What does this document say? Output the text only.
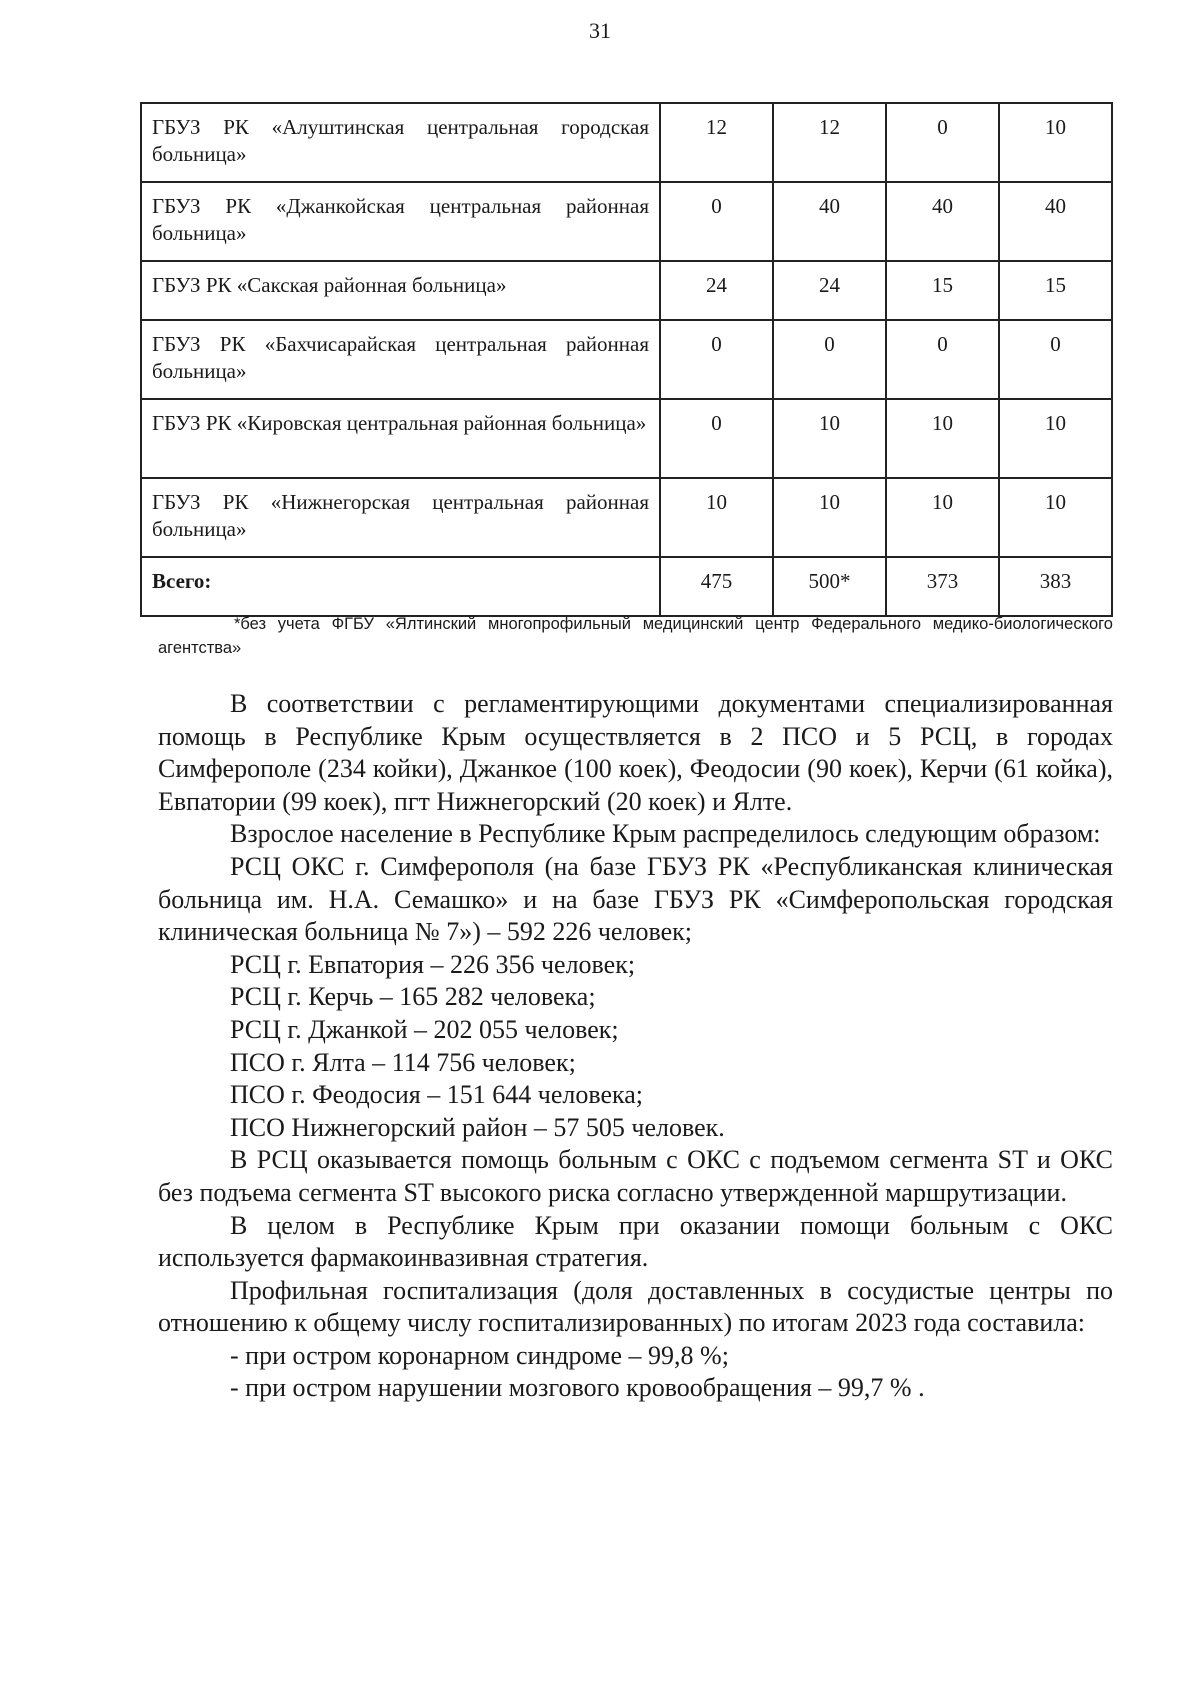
31
ГБУЗ РК «Алуштинская центральная городская больница»	12	12	0	10
ГБУЗ РК «Джанкойская центральная районная больница»	0	40	40	40
ГБУЗ РК «Сакская районная больница»	24	24	15	15
ГБУЗ РК «Бахчисарайская центральная районная больница»	0	0	0	0
ГБУЗ РК «Кировская центральная районная больница»	0	10	10	10
ГБУЗ РК «Нижнегорская центральная районная больница»	10	10	10	10
Всего:	475	500*	373	383
*без учета ФГБУ «Ялтинский многопрофильный медицинский центр Федерального медико-биологического агентства»

В соответствии с регламентирующими документами специализированная помощь в Республике Крым осуществляется в 2 ПСО и 5 РСЦ, в городах Симферополе (234 койки), Джанкое (100 коек), Феодосии (90 коек), Керчи (61 койка), Евпатории (99 коек), пгт Нижнегорский (20 коек) и Ялте.

Взрослое население в Республике Крым распределилось следующим образом:

РСЦ ОКС г. Симферополя (на базе ГБУЗ РК «Республиканская клиническая больница им. Н.А. Семашко» и на базе ГБУЗ РК «Симферопольская городская клиническая больница № 7») – 592 226 человек;

РСЦ г. Евпатория – 226 356 человек;

РСЦ г. Керчь – 165 282 человека;

РСЦ г. Джанкой – 202 055 человек;

ПСО г. Ялта – 114 756 человек;

ПСО г. Феодосия – 151 644 человека;

ПСО Нижнегорский район – 57 505 человек.

В РСЦ оказывается помощь больным с ОКС с подъемом сегмента ST и ОКС без подъема сегмента ST высокого риска согласно утвержденной маршрутизации.

В целом в Республике Крым при оказании помощи больным с ОКС используется фармакоинвазивная стратегия.

Профильная госпитализация (доля доставленных в сосудистые центры по отношению к общему числу госпитализированных) по итогам 2023 года составила:

- при остром коронарном синдроме – 99,8 %;

- при остром нарушении мозгового кровообращения – 99,7 % .
